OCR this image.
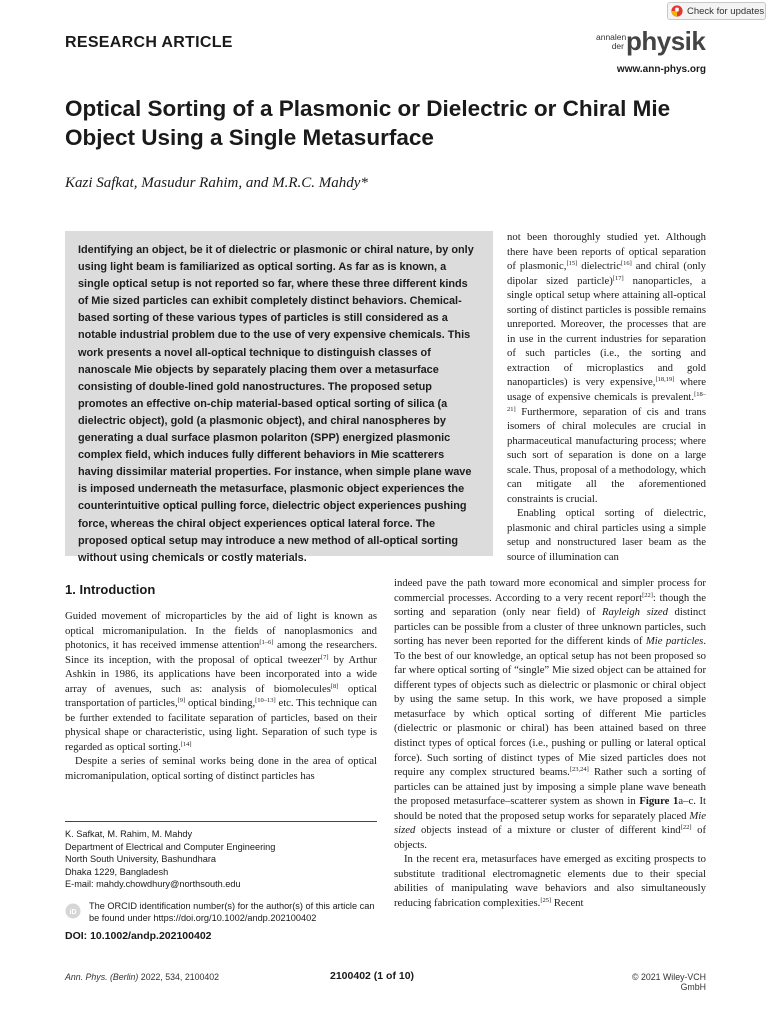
Check for updates
RESEARCH ARTICLE	annalen
der physik
www.ann-phys.org
Optical Sorting of a Plasmonic or Dielectric or Chiral Mie Object Using a Single Metasurface
Kazi Safkat, Masudur Rahim, and M.R.C. Mahdy*

Identifying an object, be it of dielectric or plasmonic or chiral nature, by only using light beam is familiarized as optical sorting. As far as is known, a single optical setup is not reported so far, where these three different kinds of Mie sized particles can exhibit completely distinct behaviors. Chemical-based sorting of these various types of particles is still considered as a notable industrial problem due to the use of very expensive chemicals. This work presents a novel all-optical technique to distinguish classes of nanoscale Mie objects by separately placing them over a metasurface consisting of double-lined gold nanostructures. The proposed setup promotes an effective on-chip material-based optical sorting of silica (a dielectric object), gold (a plasmonic object), and chiral nanospheres by generating a dual surface plasmon polariton (SPP) energized plasmonic complex field, which induces fully different behaviors in Mie scatterers having dissimilar material properties. For instance, when simple plane wave is imposed underneath the metasurface, plasmonic object experiences the counterintuitive optical pulling force, dielectric object experiences pushing force, whereas the chiral object experiences optical lateral force. The proposed optical setup may introduce a new method of all-optical sorting without using chemicals or costly materials.

not been thoroughly studied yet. Although there have been reports of optical separation of plasmonic,[15] dielectric[16] and chiral (only dipolar sized particle)[17] nanoparticles, a single optical setup where attaining all-optical sorting of distinct particles is possible remains unreported. Moreover, the processes that are in use in the current industries for separation of such particles (i.e., the sorting and extraction of microplastics and gold nanoparticles) is very expensive,[18,19] where usage of expensive chemicals is prevalent.[18–21] Furthermore, separation of cis and trans isomers of chiral molecules are crucial in pharmaceutical manufacturing process; where such sort of separation is done on a large scale. Thus, proposal of a methodology, which can mitigate all the aforementioned constraints is crucial.

Enabling optical sorting of dielectric, plasmonic and chiral particles using a simple setup and nonstructured laser beam as the source of illumination can

1. Introduction

Guided movement of microparticles by the aid of light is known as optical micromanipulation. In the fields of nanoplasmonics and photonics, it has received immense attention[1–6] among the researchers. Since its inception, with the proposal of optical tweezer[7] by Arthur Ashkin in 1986, its applications have been incorporated into a wide array of avenues, such as: analysis of biomolecules[8] optical transportation of particles,[9] optical binding,[10–13] etc. This technique can be further extended to facilitate separation of particles, based on their physical shape or characteristic, using light. Separation of such type is regarded as optical sorting.[14]

Despite a series of seminal works being done in the area of optical micromanipulation, optical sorting of distinct particles has

indeed pave the path toward more economical and simpler process for commercial processes. According to a very recent report[22]: though the sorting and separation (only near field) of Rayleigh sized distinct particles can be possible from a cluster of three unknown particles, such sorting has never been reported for the different kinds of Mie particles. To the best of our knowledge, an optical setup has not been proposed so far where optical sorting of “single” Mie sized object can be attained for different types of objects such as dielectric or plasmonic or chiral object by using the same setup. In this work, we have proposed a simple metasurface by which optical sorting of different Mie particles (dielectric or plasmonic or chiral) has been attained based on three distinct types of optical forces (i.e., pushing or pulling or lateral optical force). Such sorting of distinct types of Mie sized particles does not require any complex structured beams.[23,24] Rather such a sorting of particles can be attained just by imposing a simple plane wave beneath the proposed metasurface–scatterer system as shown in Figure 1a–c. It should be noted that the proposed setup works for separately placed Mie sized objects instead of a mixture or cluster of different kind[22] of objects.

In the recent era, metasurfaces have emerged as exciting prospects to substitute traditional electromagnetic elements due to their special abilities of manipulating wave behaviors and also simultaneously reducing fabrication complexities.[25] Recent

K. Safkat, M. Rahim, M. Mahdy
Department of Electrical and Computer Engineering
North South University, Bashundhara
Dhaka 1229, Bangladesh
E-mail: mahdy.chowdhury@northsouth.edu
iD
The ORCID identification number(s) for the author(s) of this article can be found under https://doi.org/10.1002/andp.202100402
DOI: 10.1002/andp.202100402
Ann. Phys. (Berlin) 2022, 534, 2100402	2100402 (1 of 10)	© 2021 Wiley-VCH GmbH
